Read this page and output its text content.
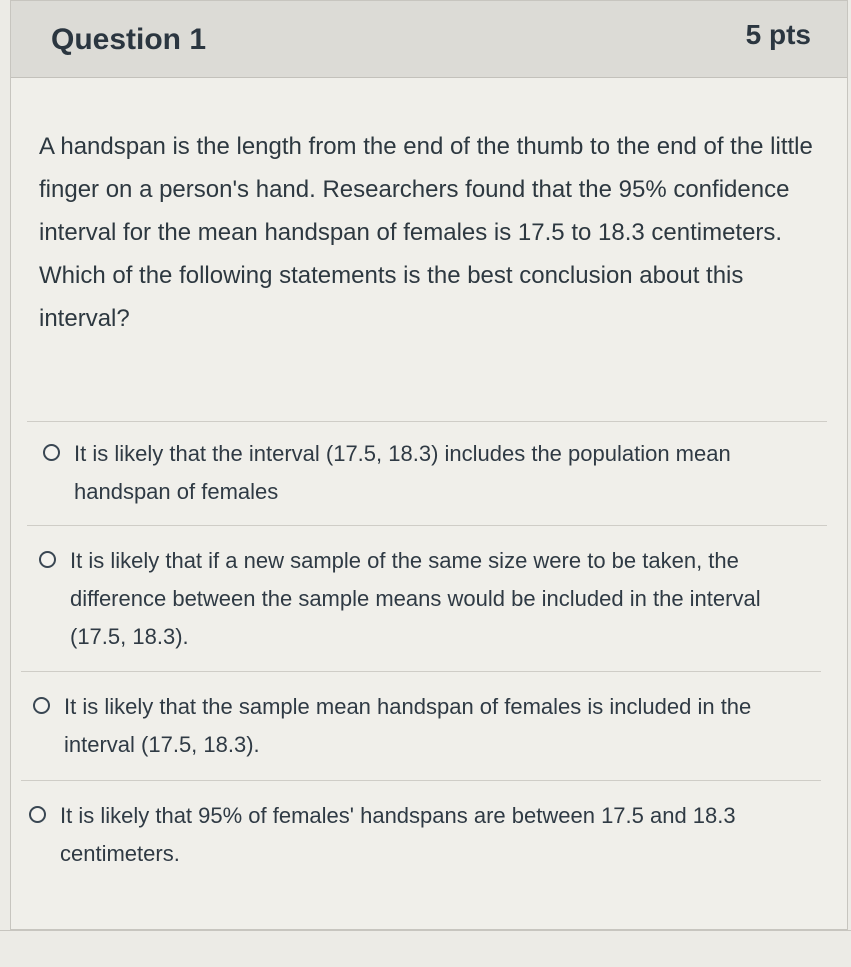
Question 1	5 pts
A handspan is the length from the end of the thumb to the end of the little finger on a person's hand. Researchers found that the 95% confidence interval for the mean handspan of females is 17.5 to 18.3 centimeters. Which of the following statements is the best conclusion about this interval?
It is likely that the interval (17.5, 18.3) includes the population mean handspan of females
It is likely that if a new sample of the same size were to be taken, the difference between the sample means would be included in the interval (17.5, 18.3).
It is likely that the sample mean handspan of females is included in the interval (17.5, 18.3).
It is likely that 95% of females' handspans are between 17.5 and 18.3 centimeters.
